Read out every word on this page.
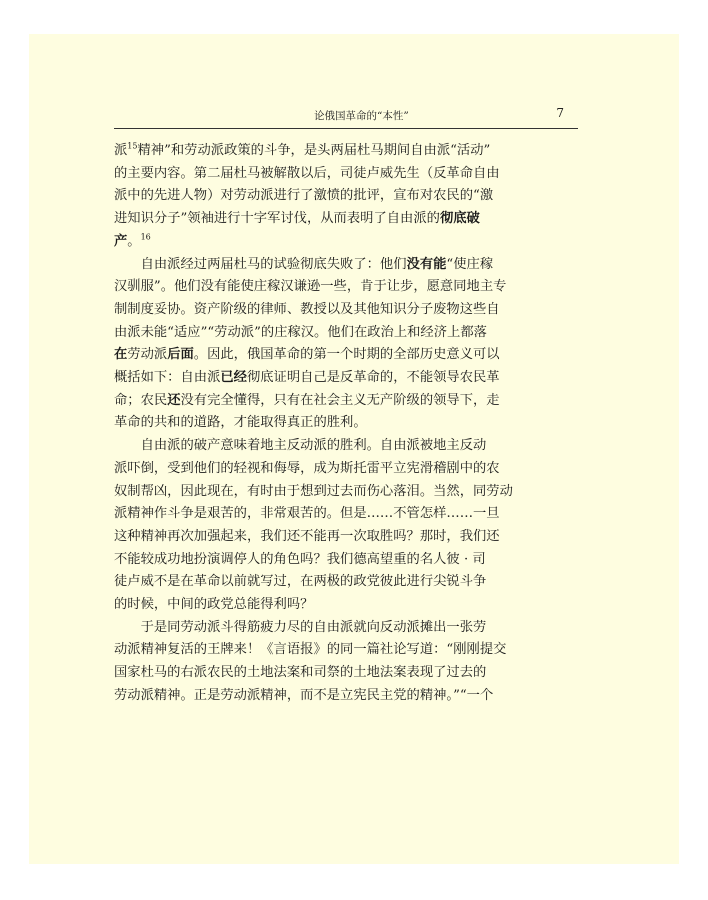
论俄国革命的“本性”	7

派$^{15}$精神”和劳动派政策的斗争，是头两届杜马期间自由派“活动”
的主要内容。第二届杜马被解散以后，司徒卢威先生（反革命自由
派中的先进人物）对劳动派进行了激愤的批评，宣布对农民的“激
进知识分子”领袖进行十字军讨伐，从而表明了自由派的彻底破
产。$^{16}$

自由派经过两届杜马的试验彻底失败了：他们没有能“使庄稼
汉驯服”。他们没有能使庄稼汉谦逊一些，肯于让步，愿意同地主专
制制度妥协。资产阶级的律师、教授以及其他知识分子废物这些自
由派未能“适应”“劳动派”的庄稼汉。他们在政治上和经济上都落
在劳动派后面。因此，俄国革命的第一个时期的全部历史意义可以
概括如下：自由派已经彻底证明自己是反革命的，不能领导农民革
命；农民还没有完全懂得，只有在社会主义无产阶级的领导下，走
革命的共和的道路，才能取得真正的胜利。

自由派的破产意味着地主反动派的胜利。自由派被地主反动
派吓倒，受到他们的轻视和侮辱，成为斯托雷平立宪滑稽剧中的农
奴制帮凶，因此现在，有时由于想到过去而伤心落泪。当然，同劳动
派精神作斗争是艰苦的，非常艰苦的。但是……不管怎样……一旦
这种精神再次加强起来，我们还不能再一次取胜吗？那时，我们还
不能较成功地扮演调停人的角色吗？我们德高望重的名人彼 · 司
徒卢威不是在革命以前就写过，在两极的政党彼此进行尖锐斗争
的时候，中间的政党总能得利吗？

于是同劳动派斗得筋疲力尽的自由派就向反动派摊出一张劳
动派精神复活的王牌来！《言语报》的同一篇社论写道：“刚刚提交
国家杜马的右派农民的土地法案和司祭的土地法案表现了过去的
劳动派精神。正是劳动派精神，而不是立宪民主党的精神。”“一个
